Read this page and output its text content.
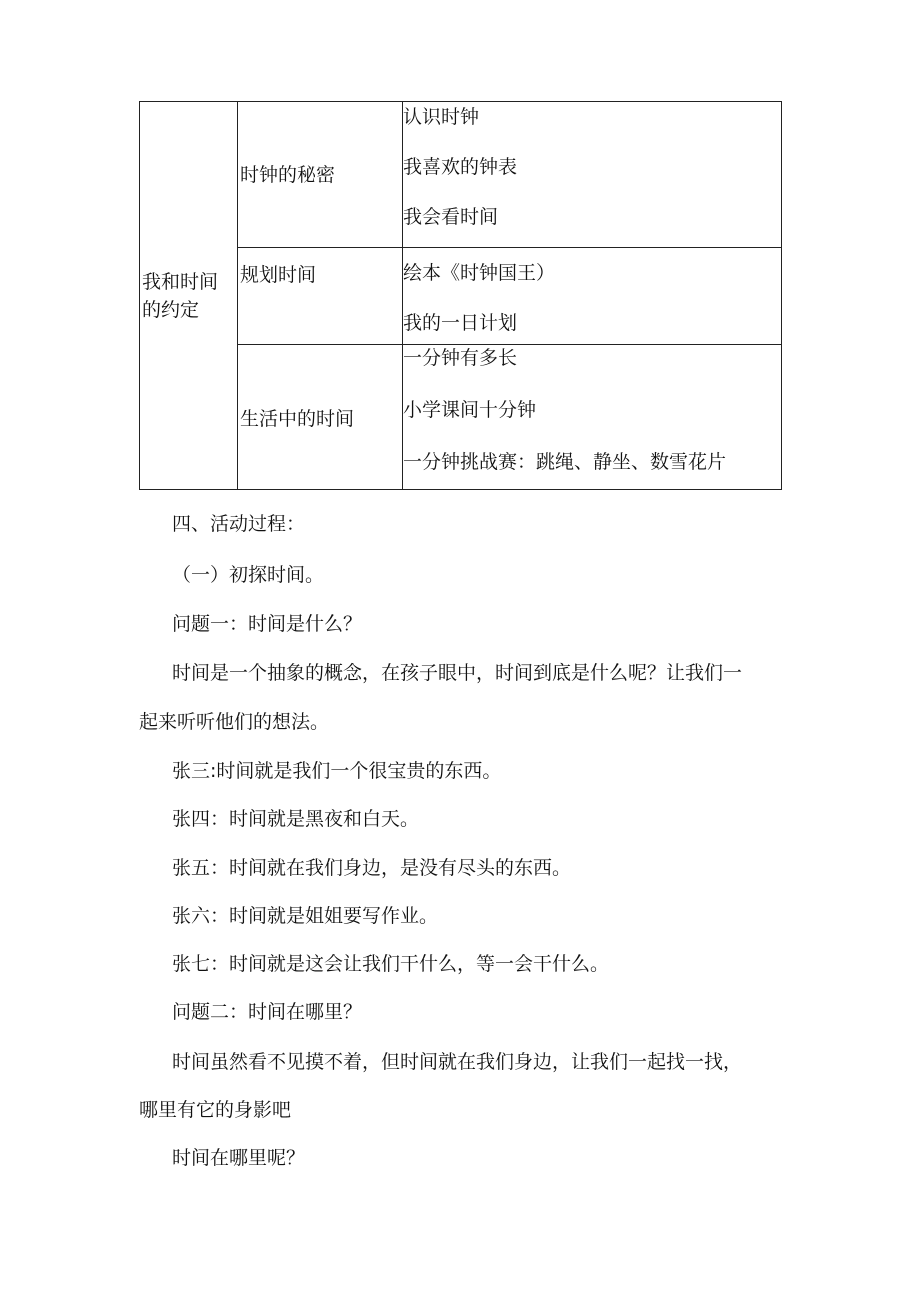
我和时间
的约定
时钟的秘密
认识时钟
我喜欢的钟表
我会看时间
规划时间	绘本《时钟国王）
我的一日计划
生活中的时间
一分钟有多长
小学课间十分钟
一分钟挑战赛：跳绳、静坐、数雪花片
四、活动过程：
（一）初探时间。
问题一：时间是什么？
时间是一个抽象的概念，在孩子眼中，时间到底是什么呢？让我们一
起来听听他们的想法。
张三:时间就是我们一个很宝贵的东西。
张四：时间就是黑夜和白天。
张五：时间就在我们身边，是没有尽头的东西。
张六：时间就是姐姐要写作业。
张七：时间就是这会让我们干什么，等一会干什么。
问题二：时间在哪里？
时间虽然看不见摸不着，但时间就在我们身边，让我们一起找一找，
哪里有它的身影吧
时间在哪里呢？
